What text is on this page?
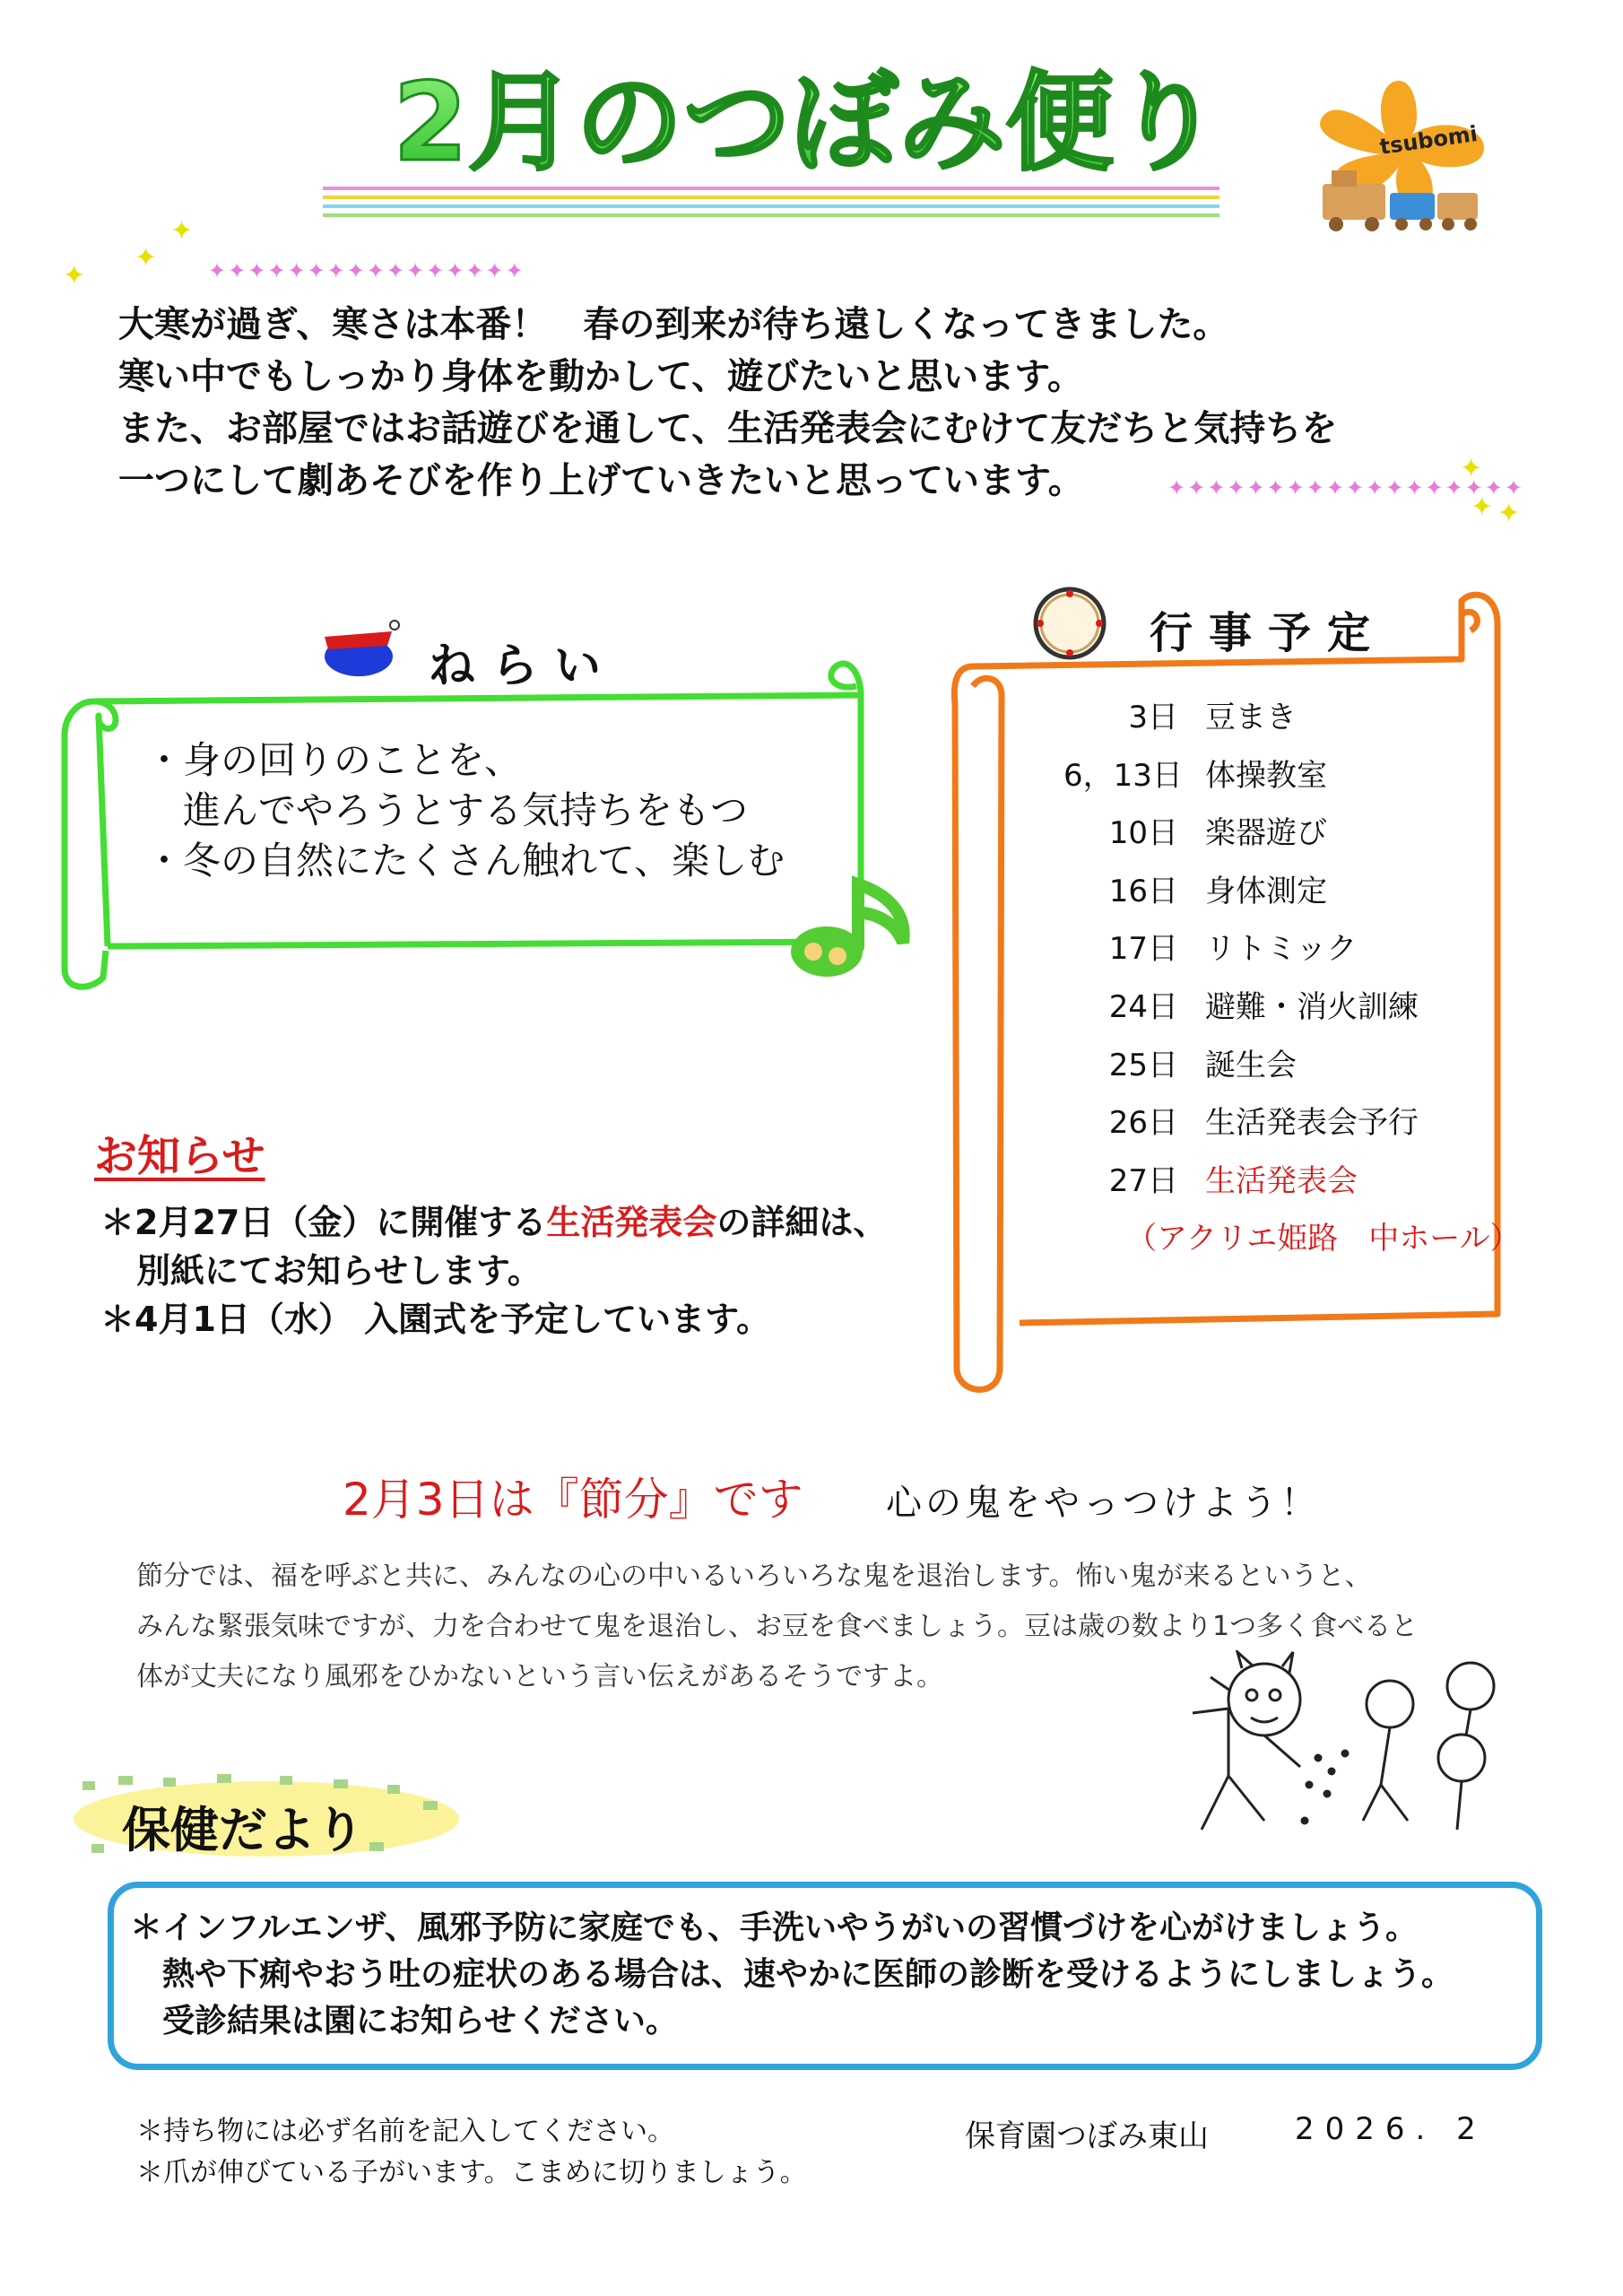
2月のつぼみ便り	tsubomi
✦
✦
✦
✦✦✦✦✦✦✦✦✦✦✦✦✦✦✦✦
✦✦✦✦✦✦✦✦✦✦✦✦✦✦✦✦✦✦
✦
✦ ✦
大寒が過ぎ、寒さは本番！　春の到来が待ち遠しくなってきました。
寒い中でもしっかり身体を動かして、遊びたいと思います。
また、お部屋ではお話遊びを通して、生活発表会にむけて友だちと気持ちを
一つにして劇あそびを作り上げていきたいと思っています。
ねらい
・身の回りのことを、
　進んでやろうとする気持ちをもつ
・冬の自然にたくさん触れて、楽しむ
行事予定
3日 豆まき
6，13日 体操教室
10日 楽器遊び
16日 身体測定
17日 リトミック
24日 避難・消火訓練
25日 誕生会
26日 生活発表会予行
27日 生活発表会
（アクリエ姫路　中ホール）
お知らせ
＊2月27日（金）に開催する生活発表会の詳細は、
別紙にてお知らせします。
＊4月1日（水） 入園式を予定しています。
2月3日は『節分』です 心の鬼をやっつけよう！
節分では、福を呼ぶと共に、みんなの心の中いるいろいろな鬼を退治します。怖い鬼が来るというと、
みんな緊張気味ですが、力を合わせて鬼を退治し、お豆を食べましょう。豆は歳の数より1つ多く食べると
体が丈夫になり風邪をひかないという言い伝えがあるそうですよ。
保健だより
＊インフルエンザ、風邪予防に家庭でも、手洗いやうがいの習慣づけを心がけましょう。
　熱や下痢やおう吐の症状のある場合は、速やかに医師の診断を受けるようにしましょう。
　受診結果は園にお知らせください。
＊持ち物には必ず名前を記入してください。
＊爪が伸びている子がいます。こまめに切りましょう。
保育園つぼみ東山	2026. 2
